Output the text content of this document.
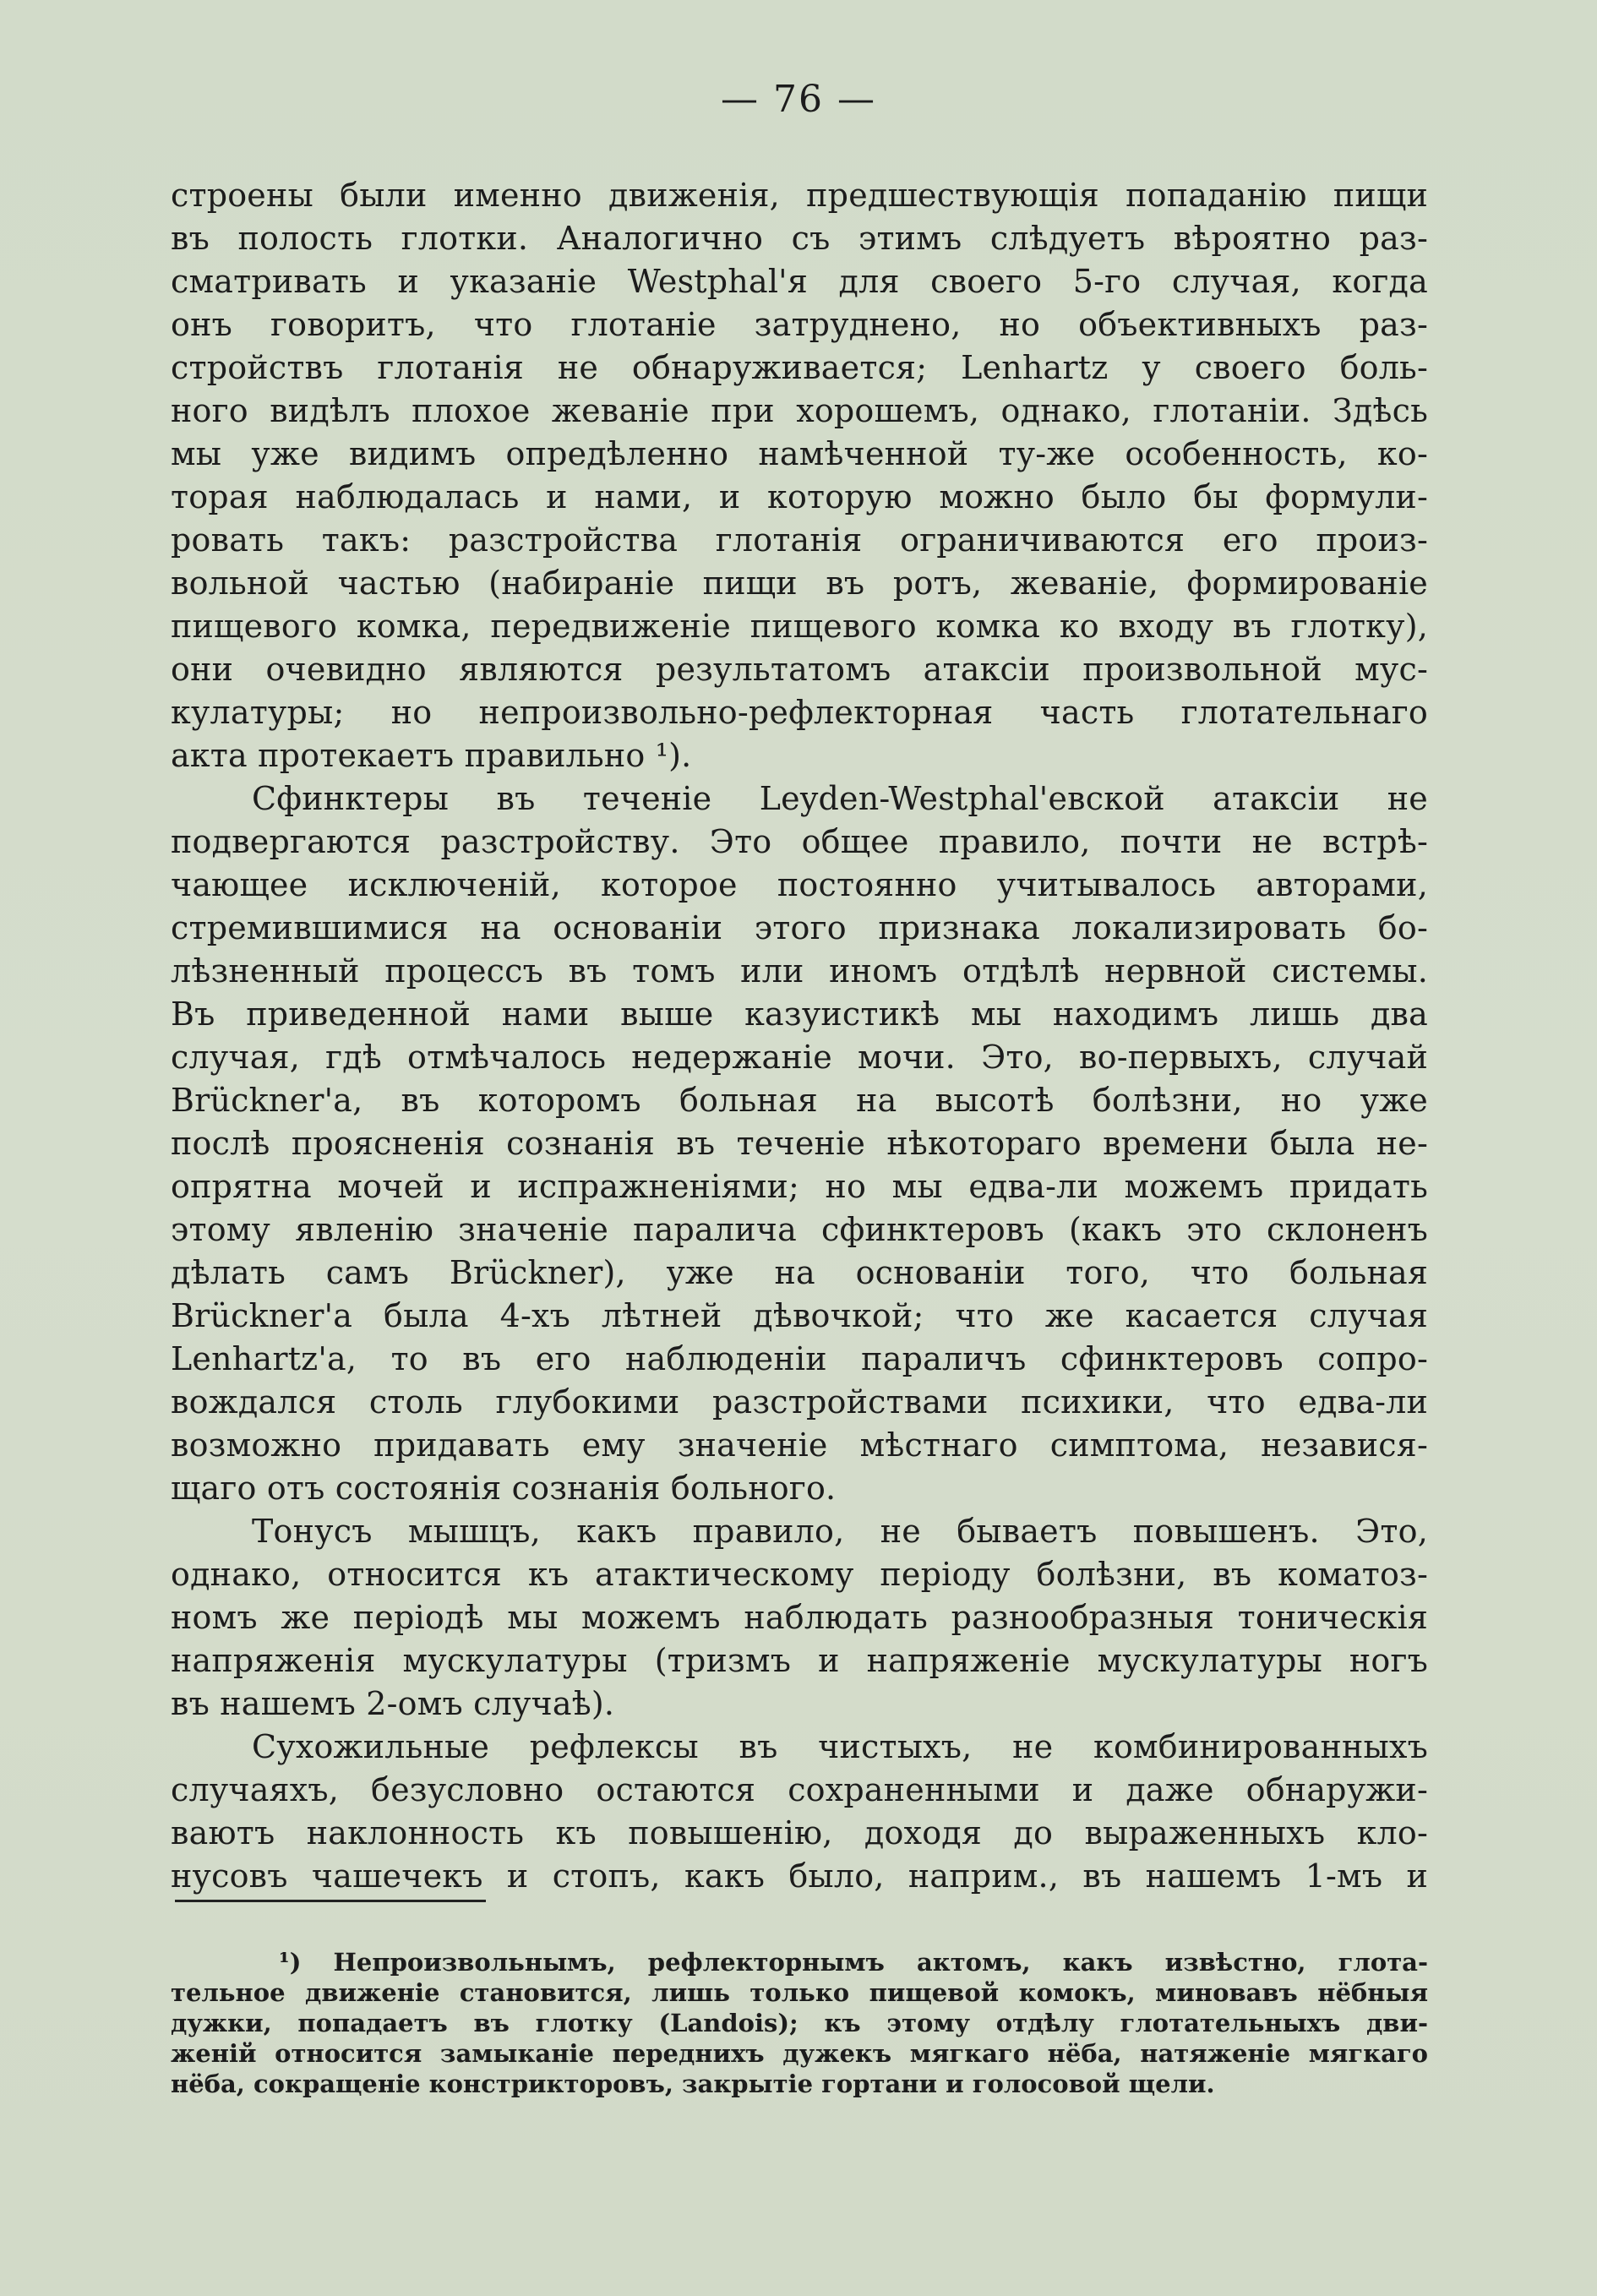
— 76 —
строены были именно движенія, предшествующія попаданію пищи
въ полость глотки. Аналогично съ этимъ слѣдуетъ вѣроятно раз-
сматривать и указаніе Westphal'я для своего 5-го случая, когда
онъ говоритъ, что глотаніе затруднено, но объективныхъ раз-
стройствъ глотанія не обнаруживается; Lenhartz у своего боль-
ного видѣлъ плохое жеваніе при хорошемъ, однако, глотаніи. Здѣсь
мы уже видимъ опредѣленно намѣченной ту-же особенность, ко-
торая наблюдалась и нами, и которую можно было бы формули-
ровать такъ: разстройства глотанія ограничиваются его произ-
вольной частью (набираніе пищи въ ротъ, жеваніе, формированіе
пищевого комка, передвиженіе пищевого комка ко входу въ глотку),
они очевидно являются результатомъ атаксіи произвольной мус-
кулатуры; но непроизвольно-рефлекторная часть глотательнаго
акта протекаетъ правильно ¹).
Сфинктеры въ теченіе Leyden-Westphal'евской атаксіи не
подвергаются разстройству. Это общее правило, почти не встрѣ-
чающее исключеній, которое постоянно учитывалось авторами,
стремившимися на основаніи этого признака локализировать бо-
лѣзненный процессъ въ томъ или иномъ отдѣлѣ нервной системы.
Въ приведенной нами выше казуистикѣ мы находимъ лишь два
случая, гдѣ отмѣчалось недержаніе мочи. Это, во-первыхъ, случай
Brückner'а, въ которомъ больная на высотѣ болѣзни, но уже
послѣ проясненія сознанія въ теченіе нѣкотораго времени была не-
опрятна мочей и испражненіями; но мы едва-ли можемъ придать
этому явленію значеніе паралича сфинктеровъ (какъ это склоненъ
дѣлать самъ Brückner), уже на основаніи того, что больная
Brückner'а была 4-хъ лѣтней дѣвочкой; что же касается случая
Lenhartz'а, то въ его наблюденіи параличъ сфинктеровъ сопро-
вождался столь глубокими разстройствами психики, что едва-ли
возможно придавать ему значеніе мѣстнаго симптома, независя-
щаго отъ состоянія сознанія больного.
Тонусъ мышцъ, какъ правило, не бываетъ повышенъ. Это,
однако, относится къ атактическому періоду болѣзни, въ коматоз-
номъ же періодѣ мы можемъ наблюдать разнообразныя тоническія
напряженія мускулатуры (тризмъ и напряженіе мускулатуры ногъ
въ нашемъ 2-омъ случаѣ).
Сухожильные рефлексы въ чистыхъ, не комбинированныхъ
случаяхъ, безусловно остаются сохраненными и даже обнаружи-
ваютъ наклонность къ повышенію, доходя до выраженныхъ кло-
нусовъ чашечекъ и стопъ, какъ было, наприм., въ нашемъ 1-мъ и
¹) Непроизвольнымъ, рефлекторнымъ актомъ, какъ извѣстно, глота-
тельное движеніе становится, лишь только пищевой комокъ, миновавъ нёбныя
дужки, попадаетъ въ глотку (Landois); къ этому отдѣлу глотательныхъ дви-
женій относится замыканіе переднихъ дужекъ мягкаго нёба, натяженіе мягкаго
нёба, сокращеніе констрикторовъ, закрытіе гортани и голосовой щели.
